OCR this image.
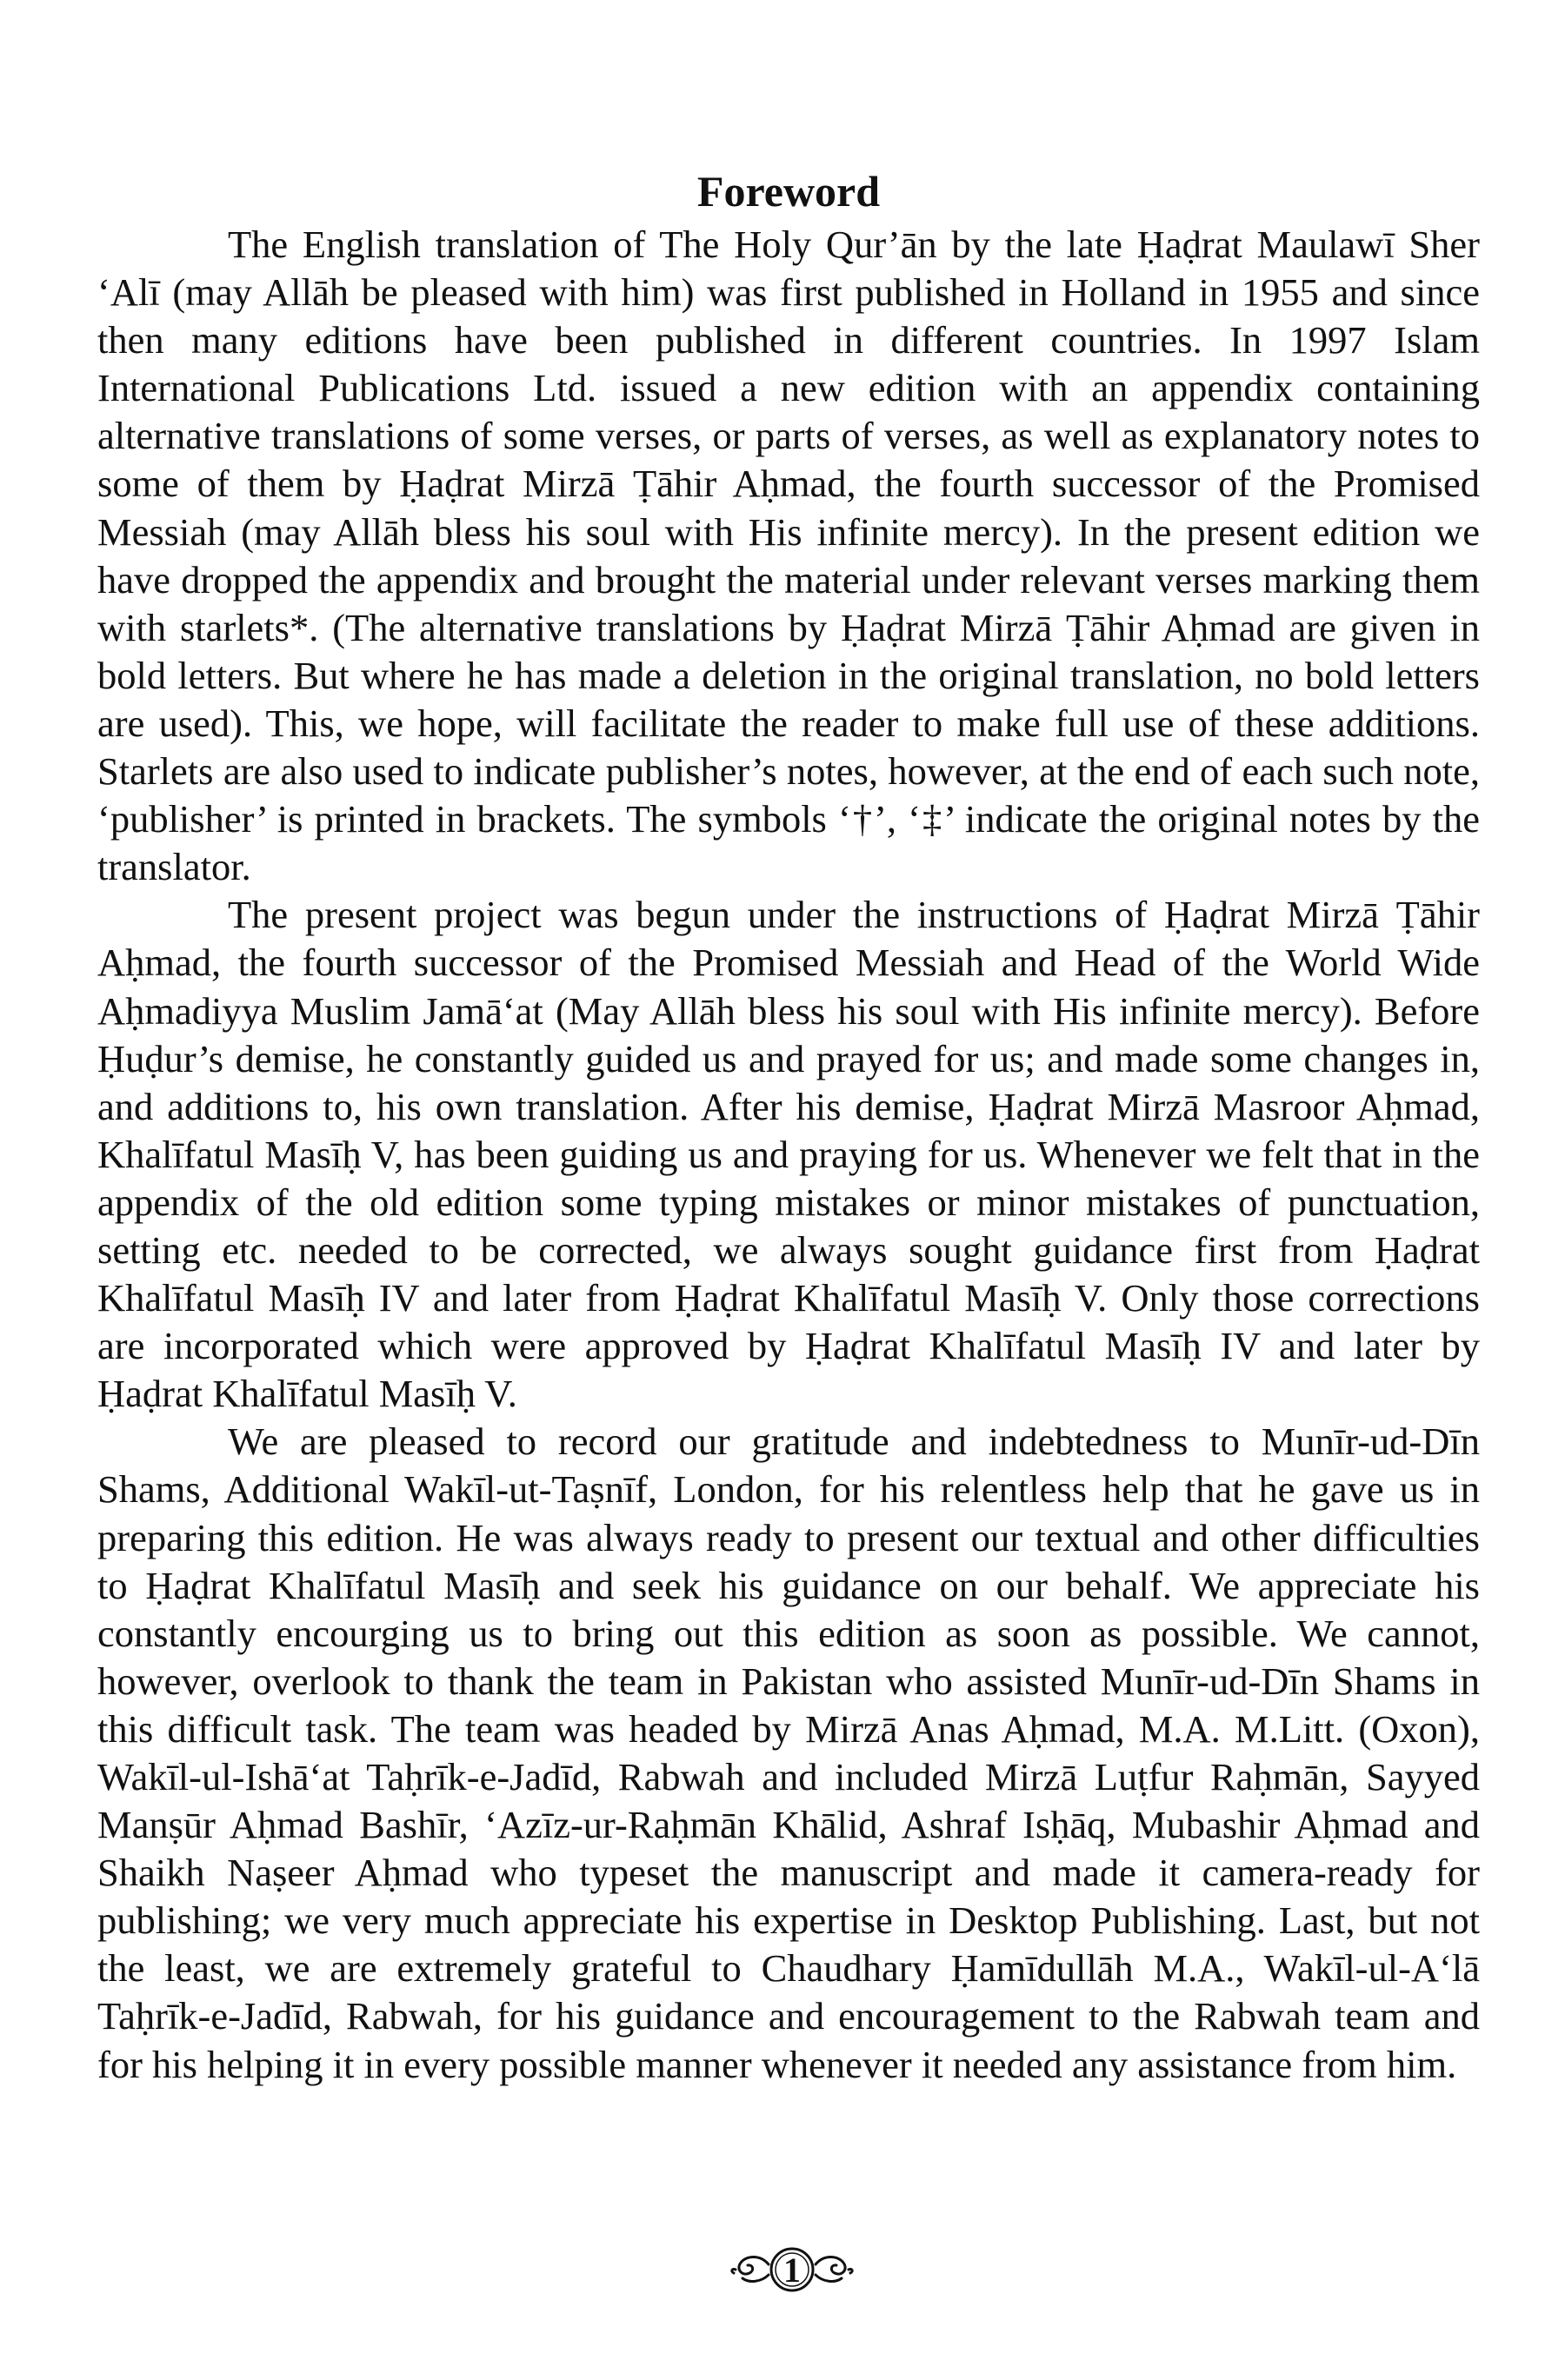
Foreword

The English translation of The Holy Qur’ān by the late Ḥaḍrat Maulawī Sher ‘Alī (may Allāh be pleased with him) was first published in Holland in 1955 and since then many editions have been published in different countries. In 1997 Islam International Publications Ltd. issued a new edition with an appendix containing alternative translations of some verses, or parts of verses, as well as explanatory notes to some of them by Ḥaḍrat Mirzā Ṭāhir Aḥmad, the fourth successor of the Promised Messiah (may Allāh bless his soul with His infinite mercy). In the present edition we have dropped the appendix and brought the material under relevant verses marking them with starlets*. (The alternative translations by Ḥaḍrat Mirzā Ṭāhir Aḥmad are given in bold letters. But where he has made a deletion in the original translation, no bold letters are used). This, we hope, will facilitate the reader to make full use of these additions. Starlets are also used to indicate publisher’s notes, however, at the end of each such note, ‘publisher’ is printed in brackets. The symbols ‘†’, ‘‡’ indicate the original notes by the translator.

The present project was begun under the instructions of Ḥaḍrat Mirzā Ṭāhir Aḥmad, the fourth successor of the Promised Messiah and Head of the World Wide Aḥmadiyya Muslim Jamā‘at (May Allāh bless his soul with His infinite mercy). Before Ḥuḍur’s demise, he constantly guided us and prayed for us; and made some changes in, and additions to, his own translation. After his demise, Ḥaḍrat Mirzā Masroor Aḥmad, Khalīfatul Masīḥ V, has been guiding us and praying for us. Whenever we felt that in the appendix of the old edition some typing mistakes or minor mistakes of punctuation, setting etc. needed to be corrected, we always sought guidance first from Ḥaḍrat Khalīfatul Masīḥ IV and later from Ḥaḍrat Khalīfatul Masīḥ V. Only those corrections are incorporated which were approved by Ḥaḍrat Khalīfatul Masīḥ IV and later by Ḥaḍrat Khalīfatul Masīḥ V.

We are pleased to record our gratitude and indebtedness to Munīr-ud-Dīn Shams, Additional Wakīl-ut-Taṣnīf, London, for his relentless help that he gave us in preparing this edition. He was always ready to present our textual and other difficulties to Ḥaḍrat Khalīfatul Masīḥ and seek his guidance on our behalf. We appreciate his constantly encourging us to bring out this edition as soon as possible. We cannot, however, overlook to thank the team in Pakistan who assisted Munīr-ud-Dīn Shams in this difficult task. The team was headed by Mirzā Anas Aḥmad, M.A. M.Litt. (Oxon), Wakīl-ul-Ishā‘at Taḥrīk-e-Jadīd, Rabwah and included Mirzā Luṭfur Raḥmān, Sayyed Manṣūr Aḥmad Bashīr, ‘Azīz-ur-Raḥmān Khālid, Ashraf Isḥāq, Mubashir Aḥmad and Shaikh Naṣeer Aḥmad who typeset the manuscript and made it camera-ready for publishing; we very much appreciate his expertise in Desktop Publishing. Last, but not the least, we are extremely grateful to Chaudhary Ḥamīdullāh M.A., Wakīl-ul-A‘lā Taḥrīk-e-Jadīd, Rabwah, for his guidance and encouragement to the Rabwah team and for his helping it in every possible manner whenever it needed any assistance from him.

1
